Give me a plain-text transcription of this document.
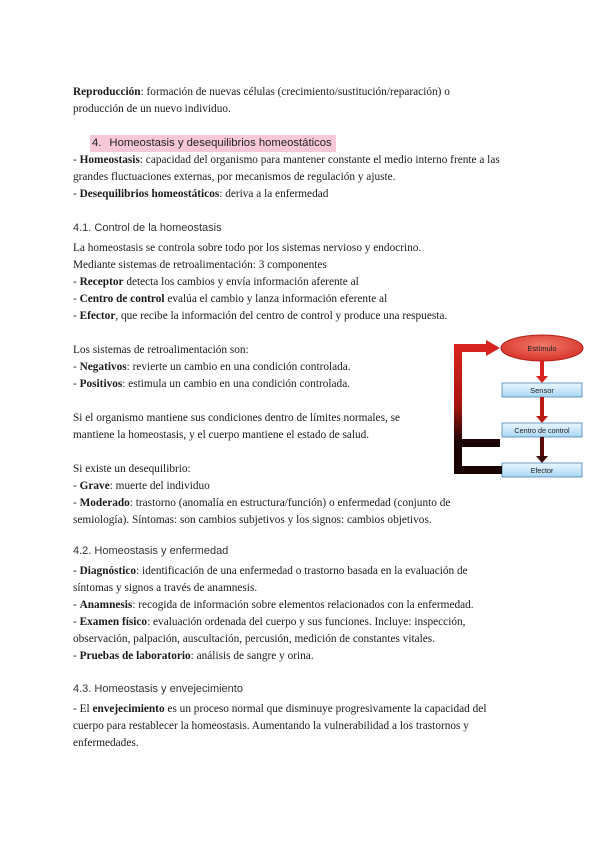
Reproducción: formación de nuevas células (crecimiento/sustitución/reparación) o

producción de un nuevo individuo.

4. Homeostasis y desequilibrios homeostáticos

- Homeostasis: capacidad del organismo para mantener constante el medio interno frente a las

grandes fluctuaciones externas, por mecanismos de regulación y ajuste.

- Desequilibrios homeostáticos: deriva a la enfermedad

4.1. Control de la homeostasis

La homeostasis se controla sobre todo por los sistemas nervioso y endocrino.

Mediante sistemas de retroalimentación: 3 componentes

- Receptor detecta los cambios y envía información aferente al

- Centro de control evalúa el cambio y lanza información eferente al

- Efector, que recibe la información del centro de control y produce una respuesta.

Los sistemas de retroalimentación son:

- Negativos: revierte un cambio en una condición controlada.

- Positivos: estimula un cambio en una condición controlada.

Si el organismo mantiene sus condiciones dentro de límites normales, se

mantiene la homeostasis, y el cuerpo mantiene el estado de salud.

Si existe un desequilibrio:

- Grave: muerte del individuo

- Moderado: trastorno (anomalía en estructura/función) o enfermedad (conjunto de

semiología). Síntomas: son cambios subjetivos y los signos: cambios objetivos.

Estímulo
Sensor
Centro de control
Efector
4.2. Homeostasis y enfermedad

- Diagnóstico: identificación de una enfermedad o trastorno basada en la evaluación de

síntomas y signos a través de anamnesis.

- Anamnesis: recogida de información sobre elementos relacionados con la enfermedad.

- Examen físico: evaluación ordenada del cuerpo y sus funciones. Incluye: inspección,

observación, palpación, auscultación, percusión, medición de constantes vitales.

- Pruebas de laboratorio: análisis de sangre y orina.

4.3. Homeostasis y envejecimiento

- El envejecimiento es un proceso normal que disminuye progresivamente la capacidad del

cuerpo para restablecer la homeostasis. Aumentando la vulnerabilidad a los trastornos y

enfermedades.
